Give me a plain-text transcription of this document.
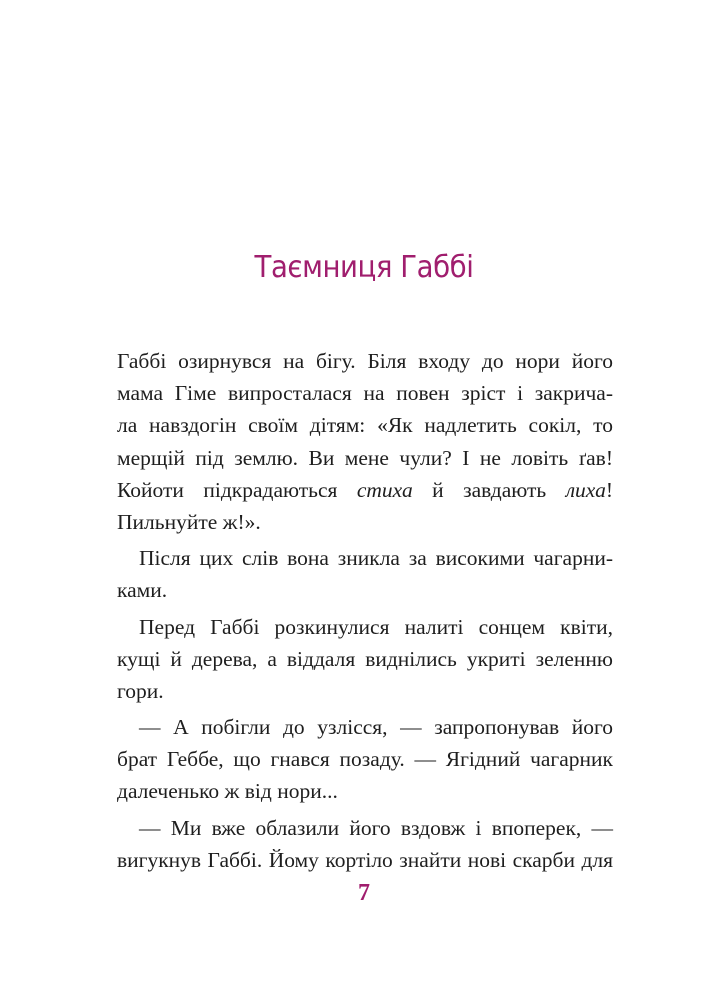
Таємниця Габбі
Габбі озирнувся на бігу. Біля входу до нори його
мама Гіме випросталася на повен зріст і закрича-
ла навздогін своїм дітям: «Як надлетить сокіл, то
мерщій під землю. Ви мене чули? І не ловіть ґав!
Койоти підкрадаються стиха й завдають лиха!
Пильнуйте ж!».
Після цих слів вона зникла за високими чагарни-
ками.
Перед Габбі розкинулися налиті сонцем квіти,
кущі й дерева, а віддаля виднілись укриті зеленню
гори.
— А побігли до узлісся, — запропонував його
брат Геббе, що гнався позаду. — Ягідний чагарник
далеченько ж від нори...
— Ми вже облазили його вздовж і впоперек, —
вигукнув Габбі. Йому кортіло знайти нові скарби для
7
